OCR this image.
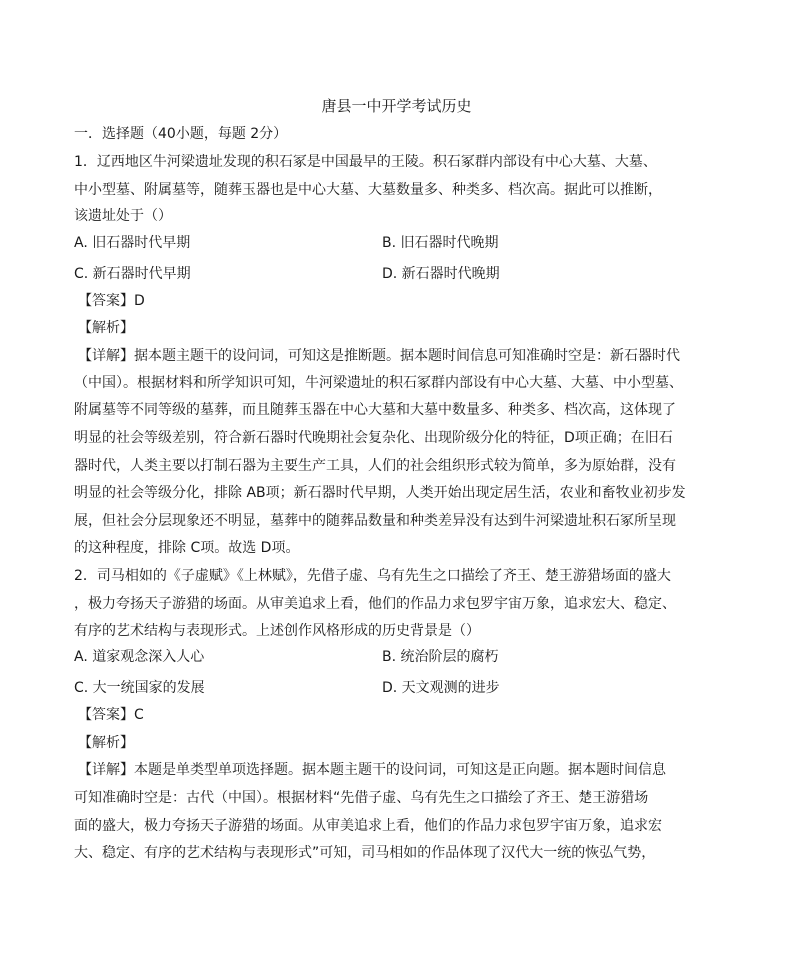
唐县一中开学考试历史
一．选择题（40小题，每题 2分）
1．辽西地区牛河梁遗址发现的积石冢是中国最早的王陵。积石冢群内部设有中心大墓、大墓、
中小型墓、附属墓等，随葬玉器也是中心大墓、大墓数量多、种类多、档次高。据此可以推断，
该遗址处于（）
A. 旧石器时代早期	B. 旧石器时代晚期
C. 新石器时代早期	D. 新石器时代晚期
【答案】D
【解析】
【详解】据本题主题干的设问词，可知这是推断题。据本题时间信息可知准确时空是：新石器时代
（中国）。根据材料和所学知识可知，牛河梁遗址的积石冢群内部设有中心大墓、大墓、中小型墓、
附属墓等不同等级的墓葬，而且随葬玉器在中心大墓和大墓中数量多、种类多、档次高，这体现了
明显的社会等级差别，符合新石器时代晚期社会复杂化、出现阶级分化的特征，D项正确；在旧石
器时代，人类主要以打制石器为主要生产工具，人们的社会组织形式较为简单，多为原始群，没有
明显的社会等级分化，排除 AB项；新石器时代早期，人类开始出现定居生活，农业和畜牧业初步发
展，但社会分层现象还不明显，墓葬中的随葬品数量和种类差异没有达到牛河梁遗址积石冢所呈现
的这种程度，排除 C项。故选 D项。
2．司马相如的《子虚赋》《上林赋》，先借子虚、乌有先生之口描绘了齐王、楚王游猎场面的盛大
，极力夸扬天子游猎的场面。从审美追求上看，他们的作品力求包罗宇宙万象，追求宏大、稳定、
有序的艺术结构与表现形式。上述创作风格形成的历史背景是（）
A. 道家观念深入人心	B. 统治阶层的腐朽
C. 大一统国家的发展	D. 天文观测的进步
【答案】C
【解析】
【详解】本题是单类型单项选择题。据本题主题干的设问词，可知这是正向题。据本题时间信息
可知准确时空是：古代（中国）。根据材料“先借子虚、乌有先生之口描绘了齐王、楚王游猎场
面的盛大，极力夸扬天子游猎的场面。从审美追求上看，他们的作品力求包罗宇宙万象，追求宏
大、稳定、有序的艺术结构与表现形式”可知，司马相如的作品体现了汉代大一统的恢弘气势，
